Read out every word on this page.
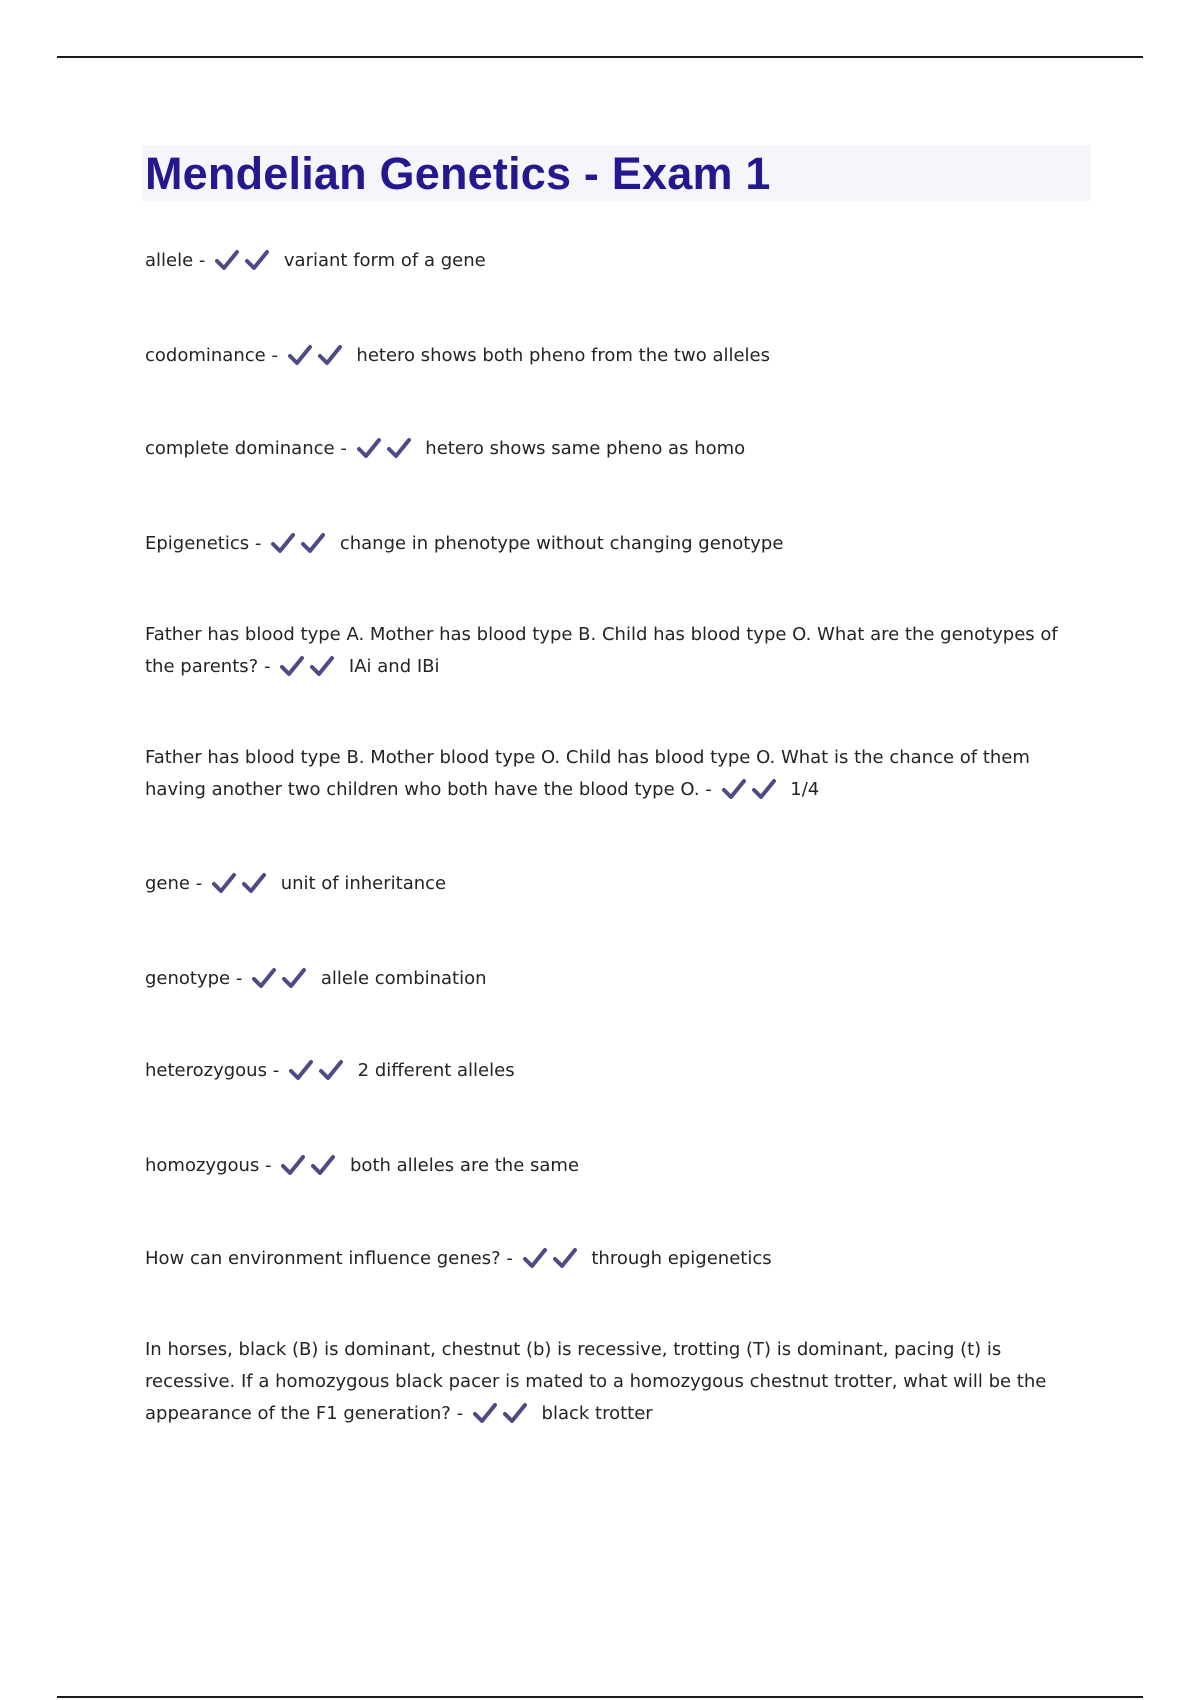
Mendelian Genetics - Exam 1

allele -	variant form of a gene

codominance -	hetero shows both pheno from the two alleles

complete dominance -	hetero shows same pheno as homo

Epigenetics -	change in phenotype without changing genotype

Father has blood type A. Mother has blood type B. Child has blood type O. What are the genotypes of the parents? -	IAi and IBi

Father has blood type B. Mother blood type O. Child has blood type O. What is the chance of them having another two children who both have the blood type O. -	1/4

gene -	unit of inheritance

genotype -	allele combination

heterozygous -	2 different alleles

homozygous -	both alleles are the same

How can environment influence genes? -	through epigenetics

In horses, black (B) is dominant, chestnut (b) is recessive, trotting (T) is dominant, pacing (t) is recessive. If a homozygous black pacer is mated to a homozygous chestnut trotter, what will be the appearance of the F1 generation? -	black trotter
